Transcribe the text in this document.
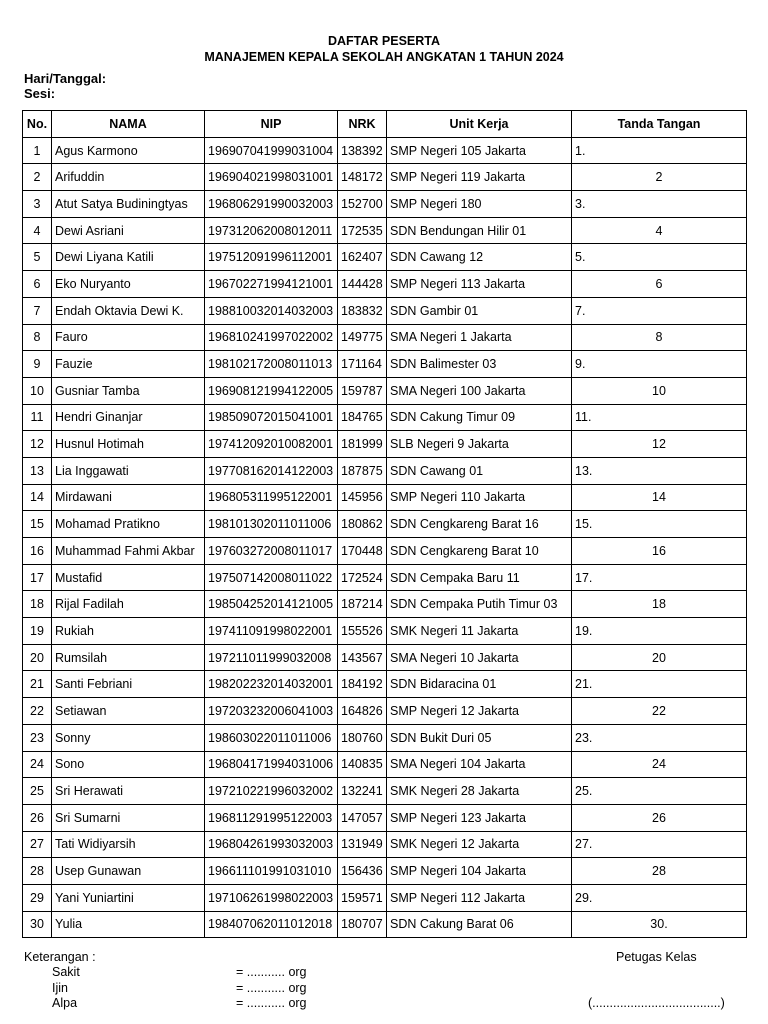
DAFTAR PESERTA
MANAJEMEN KEPALA SEKOLAH ANGKATAN 1 TAHUN 2024
Hari/Tanggal:
Sesi:
No.	NAMA	NIP	NRK	Unit Kerja	Tanda Tangan
1	Agus Karmono	196907041999031004	138392	SMP Negeri 105 Jakarta	1.
2	Arifuddin	196904021998031001	148172	SMP Negeri 119 Jakarta	2
3	Atut Satya Budiningtyas	196806291990032003	152700	SMP Negeri 180	3.
4	Dewi Asriani	197312062008012011	172535	SDN Bendungan Hilir 01	4
5	Dewi Liyana Katili	197512091996112001	162407	SDN Cawang 12	5.
6	Eko Nuryanto	196702271994121001	144428	SMP Negeri 113 Jakarta	6
7	Endah Oktavia Dewi K.	198810032014032003	183832	SDN Gambir 01	7.
8	Fauro	196810241997022002	149775	SMA Negeri 1 Jakarta	8
9	Fauzie	198102172008011013	171164	SDN Balimester 03	9.
10	Gusniar Tamba	196908121994122005	159787	SMA Negeri 100 Jakarta	10
11	Hendri Ginanjar	198509072015041001	184765	SDN Cakung Timur 09	11.
12	Husnul Hotimah	197412092010082001	181999	SLB Negeri 9 Jakarta	12
13	Lia Inggawati	197708162014122003	187875	SDN Cawang 01	13.
14	Mirdawani	196805311995122001	145956	SMP Negeri 110 Jakarta	14
15	Mohamad Pratikno	198101302011011006	180862	SDN Cengkareng Barat 16	15.
16	Muhammad Fahmi Akbar	197603272008011017	170448	SDN Cengkareng Barat 10	16
17	Mustafid	197507142008011022	172524	SDN Cempaka Baru 11	17.
18	Rijal Fadilah	198504252014121005	187214	SDN Cempaka Putih Timur 03	18
19	Rukiah	197411091998022001	155526	SMK Negeri 11 Jakarta	19.
20	Rumsilah	197211011999032008	143567	SMA Negeri 10 Jakarta	20
21	Santi Febriani	198202232014032001	184192	SDN Bidaracina 01	21.
22	Setiawan	197203232006041003	164826	SMP Negeri 12 Jakarta	22
23	Sonny	198603022011011006	180760	SDN Bukit Duri 05	23.
24	Sono	196804171994031006	140835	SMA Negeri 104 Jakarta	24
25	Sri Herawati	197210221996032002	132241	SMK Negeri 28 Jakarta	25.
26	Sri Sumarni	196811291995122003	147057	SMP Negeri 123 Jakarta	26
27	Tati Widiyarsih	196804261993032003	131949	SMK Negeri 12 Jakarta	27.
28	Usep Gunawan	196611101991031010	156436	SMP Negeri 104 Jakarta	28
29	Yani Yuniartini	197106261998022003	159571	SMP Negeri 112 Jakarta	29.
30	Yulia	198407062011012018	180707	SDN Cakung Barat 06	30.
Keterangan :
Sakit	= ........... org
Ijin	= ........... org
Alpa	= ........... org
Petugas Kelas
(.....................................)
